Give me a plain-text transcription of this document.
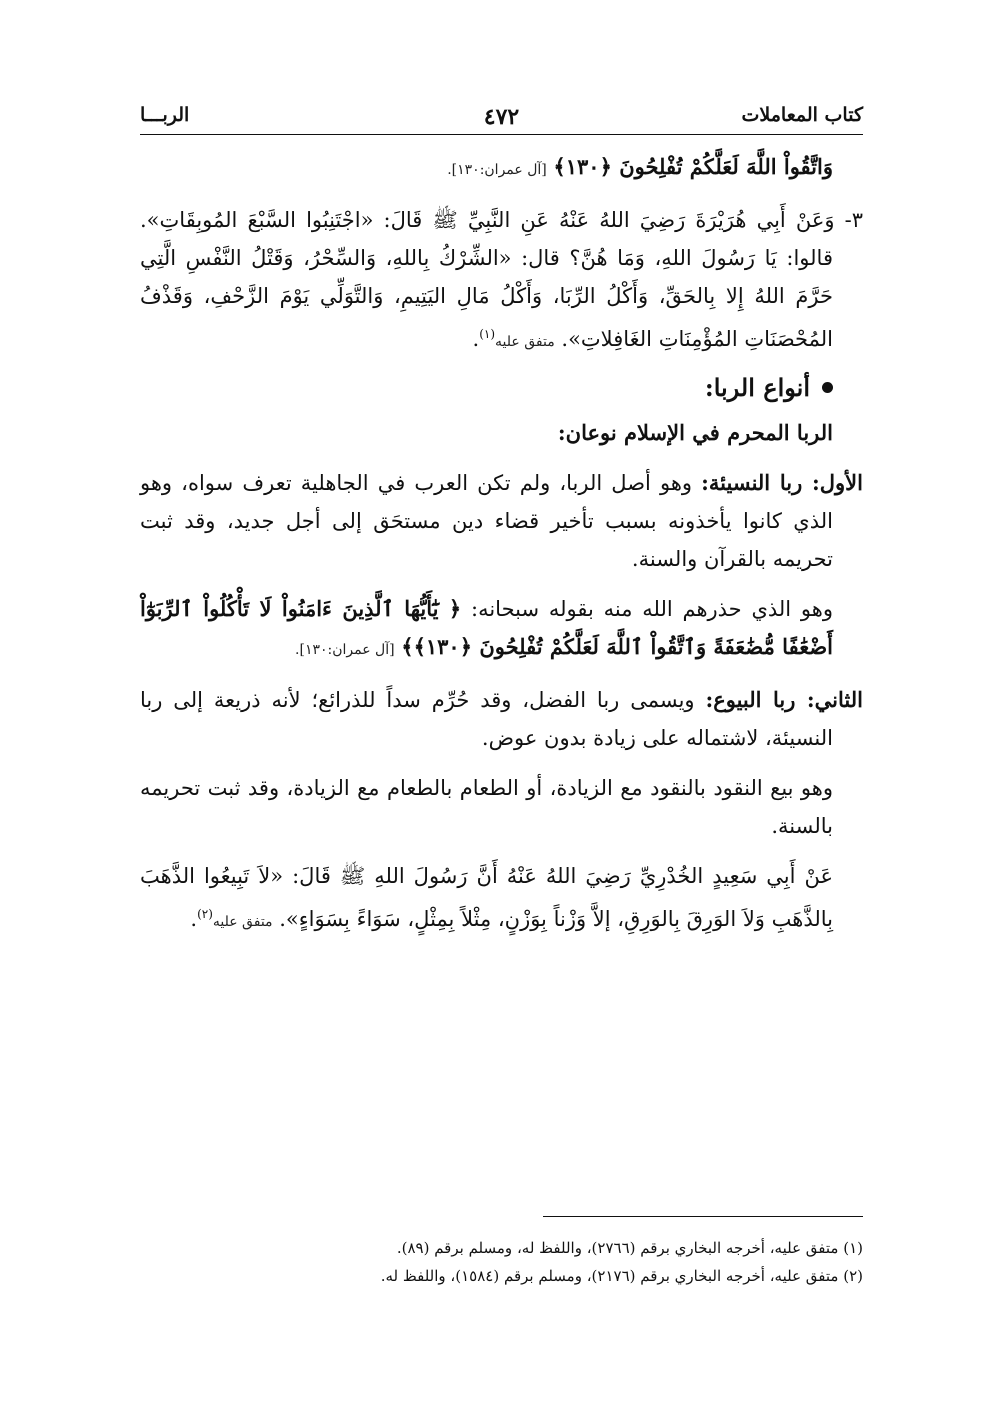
كتاب المعاملات
٤٧٢
الربـــا

وَاتَّقُواْ اللَّهَ لَعَلَّكُمْ تُفْلِحُونَ ﴿١٣٠﴾ [آل عمران:١٣٠].

٣- وَعَنْ أَبِي هُرَيْرَةَ رَضِيَ اللهُ عَنْهُ عَنِ النَّبِيِّ ﷺ قَالَ: «اجْتَنِبُوا السَّبْعَ المُوبِقَاتِ». قالوا: يَا رَسُولَ اللهِ، وَمَا هُنَّ؟ قال: «الشِّرْكُ بِاللهِ، وَالسِّحْرُ، وَقَتْلُ النَّفْسِ الَّتِي حَرَّمَ اللهُ إِلا بِالحَقِّ، وَأَكْلُ الرِّبَا، وَأَكْلُ مَالِ اليَتِيمِ، وَالتَّوَلِّي يَوْمَ الزَّحْفِ، وَقَذْفُ المُحْصَنَاتِ المُؤْمِنَاتِ الغَافِلاتِ». متفق عليه$^{(١)}$.

أنواع الربا:

الربا المحرم في الإسلام نوعان:

الأول: ربا النسيئة: وهو أصل الربا، ولم تكن العرب في الجاهلية تعرف سواه، وهو الذي كانوا يأخذونه بسبب تأخير قضاء دين مستحَق إلى أجل جديد، وقد ثبت تحريمه بالقرآن والسنة.

وهو الذي حذرهم الله منه بقوله سبحانه: ﴿ يَٰٓأَيُّهَا ٱلَّذِينَ ءَامَنُواْ لَا تَأْكُلُواْ ٱلرِّبَوٰٓاْ أَضْعَٰفًا مُّضَٰعَفَةً وَٱتَّقُواْ ٱللَّهَ لَعَلَّكُمْ تُفْلِحُونَ ﴿١٣٠﴾﴾ [آل عمران:١٣٠].

الثاني: ربا البيوع: ويسمى ربا الفضل، وقد حُرِّم سداً للذرائع؛ لأنه ذريعة إلى ربا النسيئة، لاشتماله على زيادة بدون عوض.

وهو بيع النقود بالنقود مع الزيادة، أو الطعام بالطعام مع الزيادة، وقد ثبت تحريمه بالسنة.

عَنْ أَبِي سَعِيدٍ الخُدْرِيِّ رَضِيَ اللهُ عَنْهُ أَنَّ رَسُولَ اللهِ ﷺ قَالَ: «لاَ تَبِيعُوا الذَّهَبَ بِالذَّهَبِ وَلاَ الوَرِقَ بِالوَرِقِ، إلاَّ وَزْناً بِوَزْنٍ، مِثْلاً بِمِثْلٍ، سَوَاءً بِسَوَاءٍ». متفق عليه$^{(٢)}$.

(١) متفق عليه، أخرجه البخاري برقم (٢٧٦٦)، واللفظ له، ومسلم برقم (٨٩).

(٢) متفق عليه، أخرجه البخاري برقم (٢١٧٦)، ومسلم برقم (١٥٨٤)، واللفظ له.
